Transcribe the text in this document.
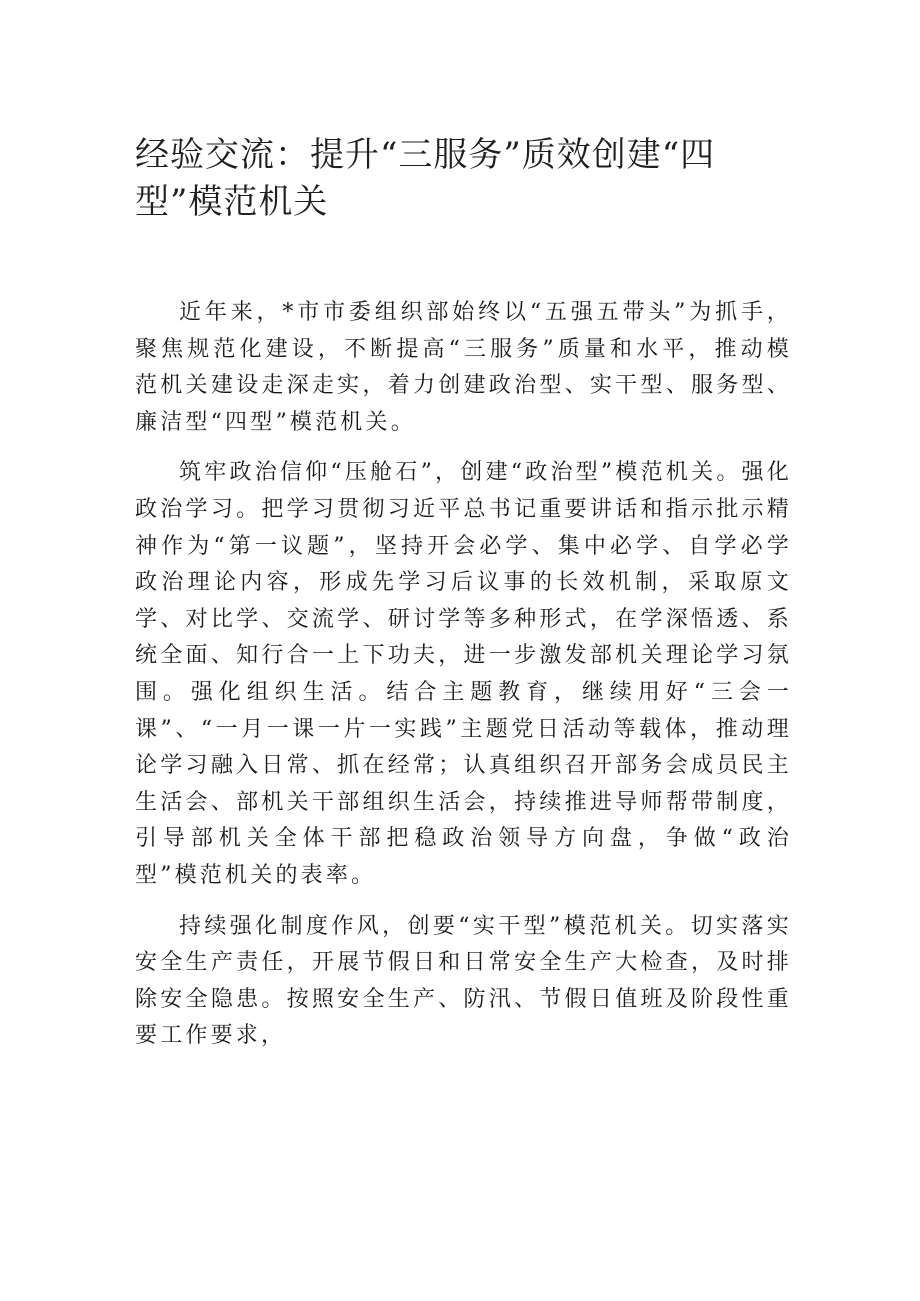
经验交流：提升“三服务”质效创建“四型”模范机关

近年来，*市市委组织部始终以“五强五带头”为抓手，聚焦规范化建设，不断提高“三服务”质量和水平，推动模范机关建设走深走实，着力创建政治型、实干型、服务型、廉洁型“四型”模范机关。

筑牢政治信仰“压舱石”，创建“政治型”模范机关。强化政治学习。把学习贯彻习近平总书记重要讲话和指示批示精神作为“第一议题”，坚持开会必学、集中必学、自学必学政治理论内容，形成先学习后议事的长效机制，采取原文学、对比学、交流学、研讨学等多种形式，在学深悟透、系统全面、知行合一上下功夫，进一步激发部机关理论学习氛围。强化组织生活。结合主题教育，继续用好“三会一课”、“一月一课一片一实践”主题党日活动等载体，推动理论学习融入日常、抓在经常；认真组织召开部务会成员民主生活会、部机关干部组织生活会，持续推进导师帮带制度，引导部机关全体干部把稳政治领导方向盘，争做“政治型”模范机关的表率。

持续强化制度作风，创要“实干型”模范机关。切实落实安全生产责任，开展节假日和日常安全生产大检查，及时排除安全隐患。按照安全生产、防汛、节假日值班及阶段性重要工作要求，
